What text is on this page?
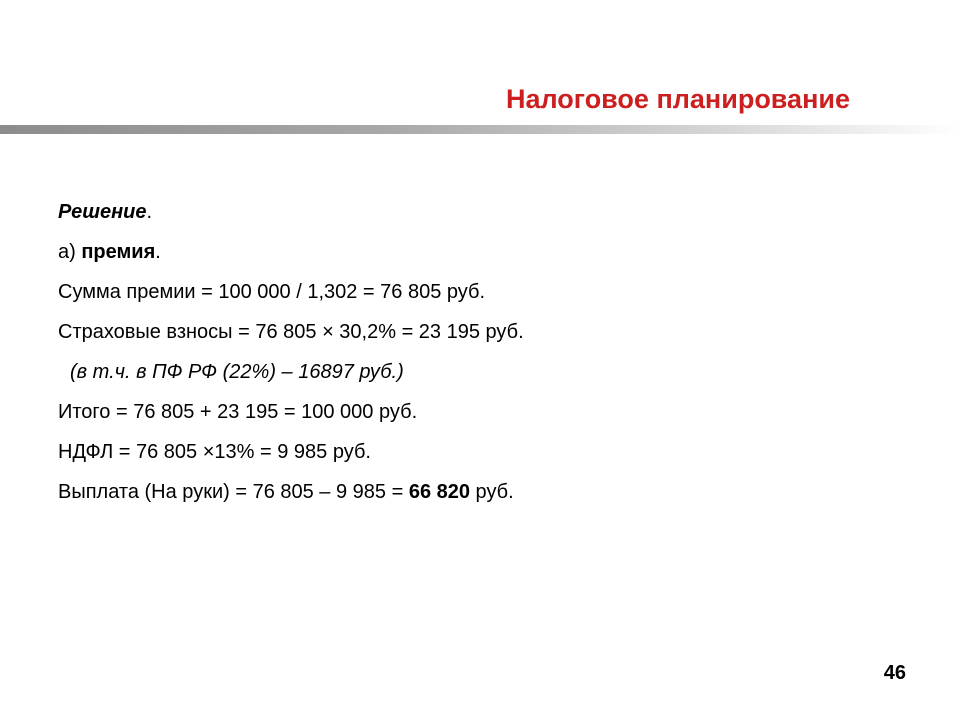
Налоговое планирование
Решение.
а) премия.
Сумма премии = 100 000 / 1,302 = 76 805 руб.
Страховые взносы = 76 805 × 30,2% = 23 195 руб.
(в т.ч. в ПФ РФ (22%) – 16897 руб.)
Итого = 76 805 + 23 195 = 100 000 руб.
НДФЛ = 76 805 ×13% = 9 985 руб.
Выплата (На руки) = 76 805 – 9 985 = 66 820 руб.
46
